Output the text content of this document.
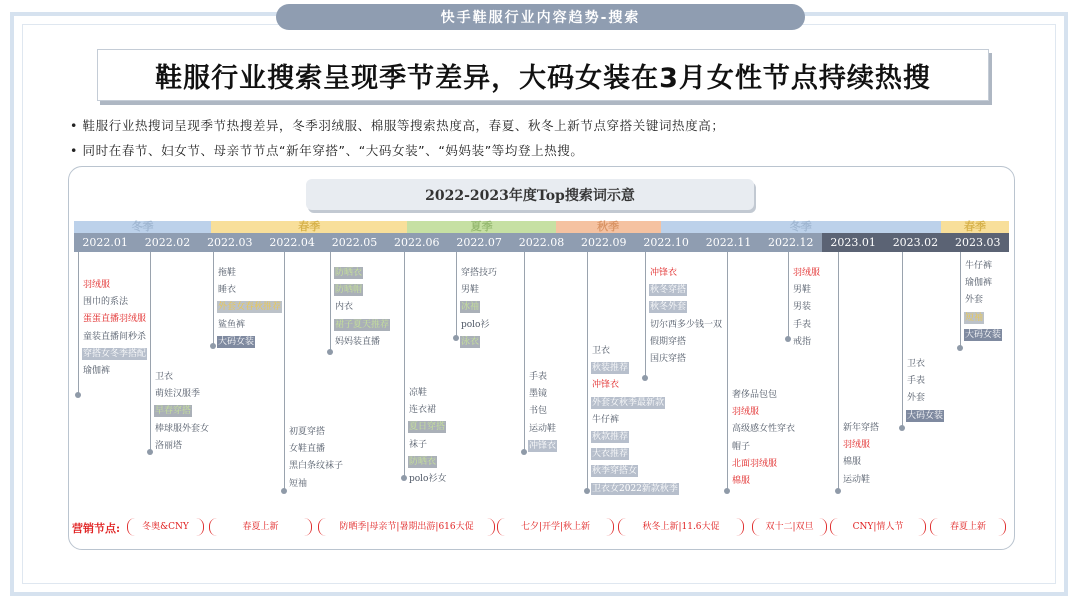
快手鞋服行业内容趋势-搜索
鞋服行业搜索呈现季节差异，大码女装在3月女性节点持续热搜
• 鞋服行业热搜词呈现季节热搜差异，冬季羽绒服、棉服等搜索热度高，春夏、秋冬上新节点穿搭关键词热度高；
• 同时在春节、妇女节、母亲节节点“新年穿搭”、“大码女装”、“妈妈装”等均登上热搜。
2022-2023年度Top搜索词示意
冬季	春季	夏季	秋季	冬季	春季
2022.01	2022.02	2022.03	2022.04	2022.05	2022.06	2022.07	2022.08	2022.09	2022.10	2022.11	2022.12	2023.01	2023.02	2023.03
羽绒服
围巾的系法
蛋蛋直播羽绒服
童装直播间秒杀
穿搭女冬季搭配
瑜伽裤
卫衣
萌娃汉服季
早春穿搭
棒球服外套女
洛丽塔
拖鞋
睡衣
外套女春秋推荐
鲨鱼裤
大码女装
初夏穿搭
女鞋直播
黑白条纹袜子
短袖
防晒衣
防晒帽
内衣
裙子夏天推荐
妈妈装直播
凉鞋
连衣裙
夏日穿搭
袜子
防晒衣
polo衫女
穿搭技巧
男鞋
冰袖
polo衫
泳衣
手表
墨镜
书包
运动鞋
冲锋衣
卫衣
秋装推荐
冲锋衣
外套女秋季最新款
牛仔裤
秋款推荐
大衣推荐
秋季穿搭女
卫衣女2022新款秋季
冲锋衣
秋冬穿搭
秋冬外套
切尔西多少钱一双
假期穿搭
国庆穿搭
奢侈品包包
羽绒服
高级感女性穿衣
帽子
北面羽绒服
棉服
羽绒服
男鞋
男装
手表
戒指
新年穿搭
羽绒服
棉服
运动鞋
卫衣
手表
外套
大码女装
牛仔裤
瑜伽裤
外套
短袖
大码女装
营销节点:	冬奥&CNY	春夏上新	防晒季|母亲节|暑期出游|616大促	七夕|开学|秋上新	秋冬上新|11.6大促	双十二|双旦	CNY|情人节	春夏上新
